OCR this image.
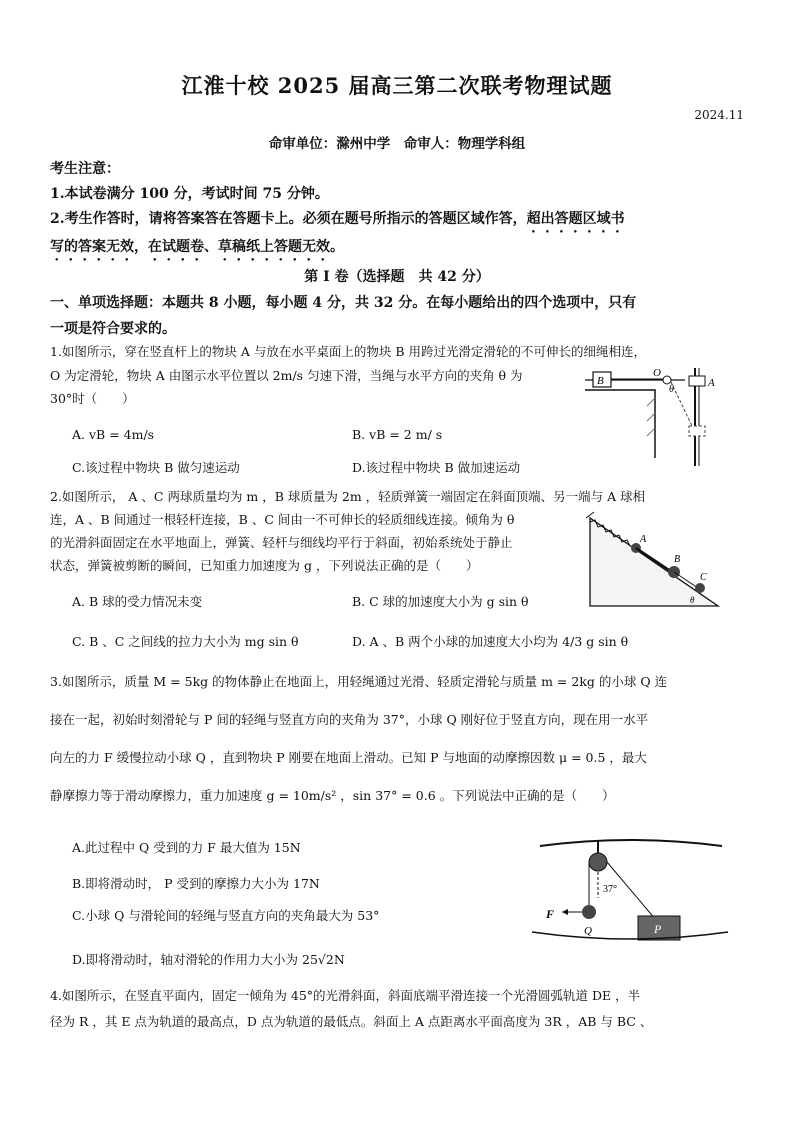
江淮十校 2025 届高三第二次联考物理试题
2024.11
命审单位：滁州中学　命审人：物理学科组
考生注意：
1.本试卷满分 100 分，考试时间 75 分钟。
2.考生作答时，请将答案答在答题卡上。必须在题号所指示的答题区域作答，超出答题区域书
写的答案无效，在试题卷、草稿纸上答题无效。
第 I 卷（选择题　共 42 分）
一、单项选择题：本题共 8 小题，每小题 4 分，共 32 分。在每小题给出的四个选项中，只有
一项是符合要求的。
1.如图所示，穿在竖直杆上的物块 A 与放在水平桌面上的物块 B 用跨过光滑定滑轮的不可伸长的细绳相连，
O 为定滑轮，物块 A 由图示水平位置以 2m/s 匀速下滑，当绳与水平方向的夹角 θ 为
30°时（　　）
A. vB = 4m/s	B. vB = 2 m/ s
C.该过程中物块 B 做匀速运动	D.该过程中物块 B 做加速运动
B
O
θ
A
2.如图所示， A 、C 两球质量均为 m ，B 球质量为 2m ，轻质弹簧一端固定在斜面顶端、另一端与 A 球相
连，A 、B 间通过一根轻杆连接，B 、C 间由一不可伸长的轻质细线连接。倾角为 θ
的光滑斜面固定在水平地面上，弹簧、轻杆与细线均平行于斜面，初始系统处于静止
状态，弹簧被剪断的瞬间，已知重力加速度为 g ，下列说法正确的是（　　）
A. B 球的受力情况未变	B. C 球的加速度大小为 g sin θ
C. B 、C 之间线的拉力大小为 mg sin θ	D. A 、B 两个小球的加速度大小均为 4/3 g sin θ
A
B
C
θ
3.如图所示，质量 M = 5kg 的物体静止在地面上，用轻绳通过光滑、轻质定滑轮与质量 m = 2kg 的小球 Q 连
接在一起，初始时刻滑轮与 P 间的轻绳与竖直方向的夹角为 37°，小球 Q 刚好位于竖直方向，现在用一水平
向左的力 F 缓慢拉动小球 Q ，直到物块 P 刚要在地面上滑动。已知 P 与地面的动摩擦因数 μ = 0.5 ，最大
静摩擦力等于滑动摩擦力，重力加速度 g = 10m/s² ，sin 37° = 0.6 。下列说法中正确的是（　　）
A.此过程中 Q 受到的力 F 最大值为 15N
B.即将滑动时， P 受到的摩擦力大小为 17N
C.小球 Q 与滑轮间的轻绳与竖直方向的夹角最大为 53°
D.即将滑动时，轴对滑轮的作用力大小为 25√2N
37°
F
Q	P
4.如图所示，在竖直平面内，固定一倾角为 45°的光滑斜面，斜面底端平滑连接一个光滑圆弧轨道 DE ，半
径为 R ，其 E 点为轨道的最高点，D 点为轨道的最低点。斜面上 A 点距离水平面高度为 3R ，AB 与 BC 、
